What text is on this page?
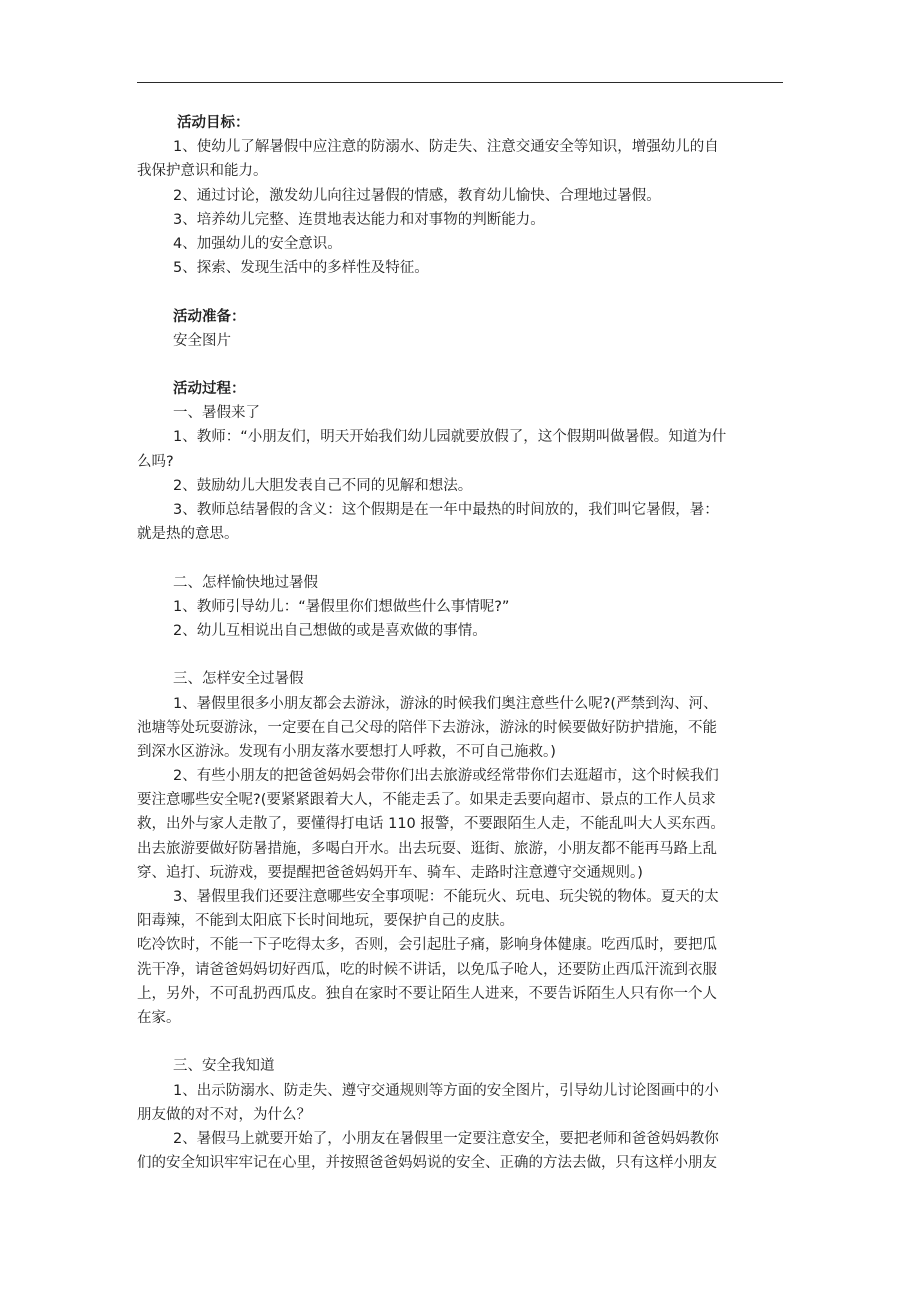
活动目标：
1、使幼儿了解暑假中应注意的防溺水、防走失、注意交通安全等知识，增强幼儿的自
我保护意识和能力。
2、通过讨论，激发幼儿向往过暑假的情感，教育幼儿愉快、合理地过暑假。
3、培养幼儿完整、连贯地表达能力和对事物的判断能力。
4、加强幼儿的安全意识。
5、探索、发现生活中的多样性及特征。
活动准备：
安全图片
活动过程：
一、暑假来了
1、教师：“小朋友们，明天开始我们幼儿园就要放假了，这个假期叫做暑假。知道为什
么吗?
2、鼓励幼儿大胆发表自己不同的见解和想法。
3、教师总结暑假的含义：这个假期是在一年中最热的时间放的，我们叫它暑假，暑：
就是热的意思。
二、怎样愉快地过暑假
1、教师引导幼儿：“暑假里你们想做些什么事情呢?”
2、幼儿互相说出自己想做的或是喜欢做的事情。
三、怎样安全过暑假
1、暑假里很多小朋友都会去游泳，游泳的时候我们奥注意些什么呢?(严禁到沟、河、
池塘等处玩耍游泳，一定要在自己父母的陪伴下去游泳，游泳的时候要做好防护措施，不能
到深水区游泳。发现有小朋友落水要想打人呼救，不可自己施救。)
2、有些小朋友的把爸爸妈妈会带你们出去旅游或经常带你们去逛超市，这个时候我们
要注意哪些安全呢?(要紧紧跟着大人，不能走丢了。如果走丢要向超市、景点的工作人员求
救，出外与家人走散了，要懂得打电话 110 报警，不要跟陌生人走，不能乱叫大人买东西。
出去旅游要做好防暑措施，多喝白开水。出去玩耍、逛街、旅游，小朋友都不能再马路上乱
穿、追打、玩游戏，要提醒把爸爸妈妈开车、骑车、走路时注意遵守交通规则。)
3、暑假里我们还要注意哪些安全事项呢：不能玩火、玩电、玩尖锐的物体。夏天的太
阳毒辣，不能到太阳底下长时间地玩，要保护自己的皮肤。
吃冷饮时，不能一下子吃得太多，否则，会引起肚子痛，影响身体健康。吃西瓜时，要把瓜
洗干净，请爸爸妈妈切好西瓜，吃的时候不讲话，以免瓜子呛人，还要防止西瓜汗流到衣服
上，另外，不可乱扔西瓜皮。独自在家时不要让陌生人进来，不要告诉陌生人只有你一个人
在家。
三、安全我知道
1、出示防溺水、防走失、遵守交通规则等方面的安全图片，引导幼儿讨论图画中的小
朋友做的对不对，为什么？
2、暑假马上就要开始了，小朋友在暑假里一定要注意安全，要把老师和爸爸妈妈教你
们的安全知识牢牢记在心里，并按照爸爸妈妈说的安全、正确的方法去做，只有这样小朋友
